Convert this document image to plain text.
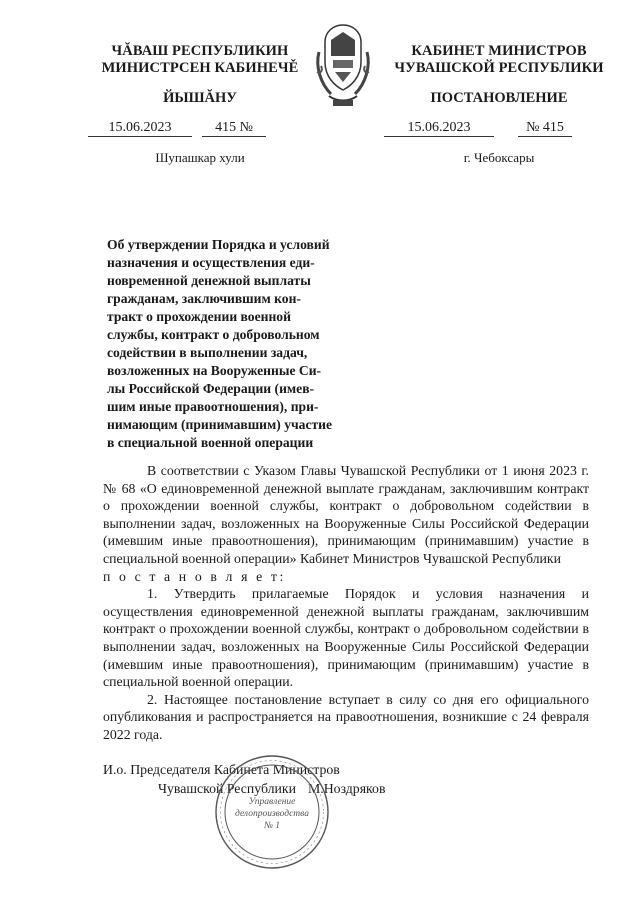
ЧĂВАШ РЕСПУБЛИКИН
МИНИСТРСЕН КАБИНЕЧĚ
ЙЫШĂНУ
КАБИНЕТ МИНИСТРОВ
ЧУВАШСКОЙ РЕСПУБЛИКИ
ПОСТАНОВЛЕНИЕ
15.06.2023	415 №	15.06.2023	№ 415
Шупашкар хули	г. Чебоксары
Об утверждении Порядка и условий
назначения и осуществления еди-
новременной денежной выплаты
гражданам, заключившим кон-
тракт о прохождении военной
службы, контракт о добровольном
содействии в выполнении задач,
возложенных на Вооруженные Си-
лы Российской Федерации (имев-
шим иные правоотношения), при-
нимающим (принимавшим) участие
в специальной военной операции

В соответствии с Указом Главы Чувашской Республики от 1 июня 2023 г. № 68 «О единовременной денежной выплате гражданам, заключившим контракт о прохождении военной службы, контракт о добровольном содействии в выполнении задач, возложенных на Вооруженные Силы Российской Федерации (имевшим иные правоотношения), принимающим (принимавшим) участие в специальной военной операции» Кабинет Министров Чувашской Республики

п о с т а н о в л я е т:

1. Утвердить прилагаемые Порядок и условия назначения и осуществления единовременной денежной выплаты гражданам, заключившим контракт о прохождении военной службы, контракт о добровольном содействии в выполнении задач, возложенных на Вооруженные Силы Российской Федерации (имевшим иные правоотношения), принимающим (принимавшим) участие в специальной военной операции.

2. Настоящее постановление вступает в силу со дня его официального опубликования и распространяется на правоотношения, возникшие с 24 февраля 2022 года.

И.о. Председателя Кабинета Министров
Чувашской Республики М.Ноздряков
Управление
делопроизводства
№ 1
